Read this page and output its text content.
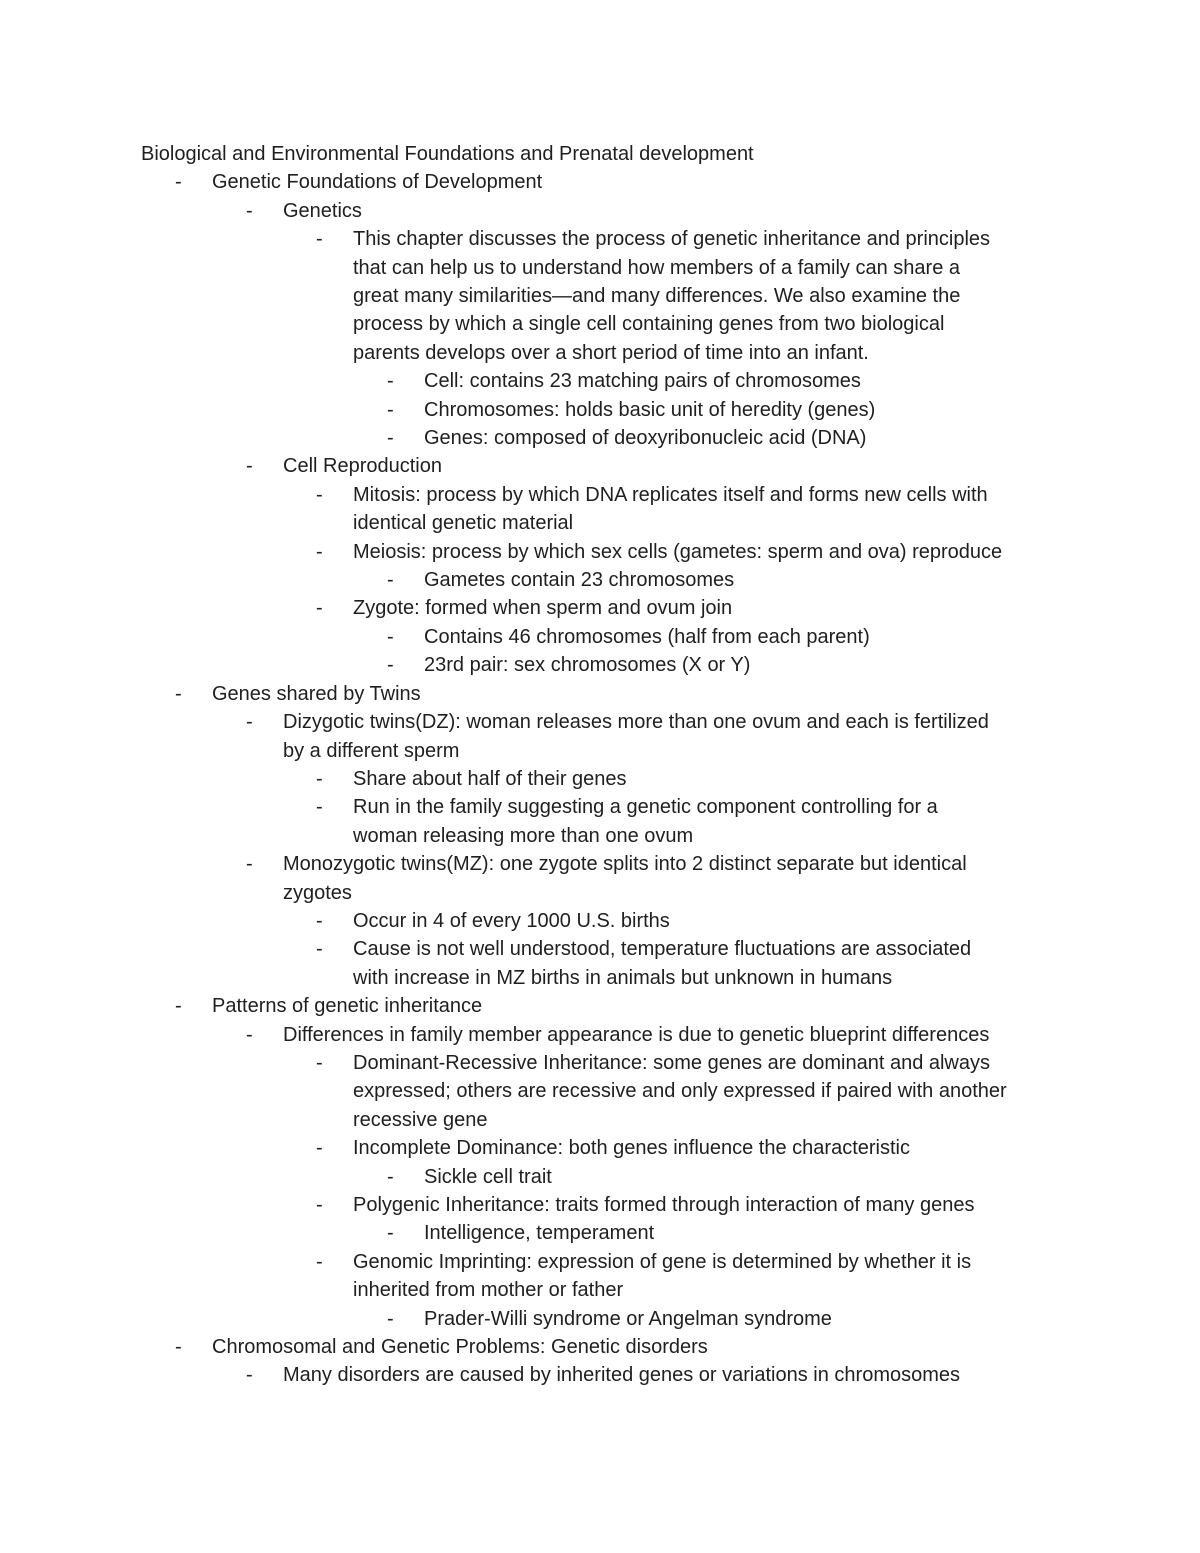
Biological and Environmental Foundations and Prenatal development
-	Genetic Foundations of Development
-	Genetics
-	This chapter discusses the process of genetic inheritance and principles
that can help us to understand how members of a family can share a
great many similarities—and many differences. We also examine the
process by which a single cell containing genes from two biological
parents develops over a short period of time into an infant.
-	Cell: contains 23 matching pairs of chromosomes
-	Chromosomes: holds basic unit of heredity (genes)
-	Genes: composed of deoxyribonucleic acid (DNA)
-	Cell Reproduction
-	Mitosis: process by which DNA replicates itself and forms new cells with
identical genetic material
-	Meiosis: process by which sex cells (gametes: sperm and ova) reproduce
-	Gametes contain 23 chromosomes
-	Zygote: formed when sperm and ovum join
-	Contains 46 chromosomes (half from each parent)
-	23rd pair: sex chromosomes (X or Y)
-	Genes shared by Twins
-	Dizygotic twins(DZ): woman releases more than one ovum and each is fertilized
by a different sperm
-	Share about half of their genes
-	Run in the family suggesting a genetic component controlling for a
woman releasing more than one ovum
-	Monozygotic twins(MZ): one zygote splits into 2 distinct separate but identical
zygotes
-	Occur in 4 of every 1000 U.S. births
-	Cause is not well understood, temperature fluctuations are associated
with increase in MZ births in animals but unknown in humans
-	Patterns of genetic inheritance
-	Differences in family member appearance is due to genetic blueprint differences
-	Dominant-Recessive Inheritance: some genes are dominant and always
expressed; others are recessive and only expressed if paired with another
recessive gene
-	Incomplete Dominance: both genes influence the characteristic
-	Sickle cell trait
-	Polygenic Inheritance: traits formed through interaction of many genes
-	Intelligence, temperament
-	Genomic Imprinting: expression of gene is determined by whether it is
inherited from mother or father
-	Prader-Willi syndrome or Angelman syndrome
-	Chromosomal and Genetic Problems: Genetic disorders
-	Many disorders are caused by inherited genes or variations in chromosomes
